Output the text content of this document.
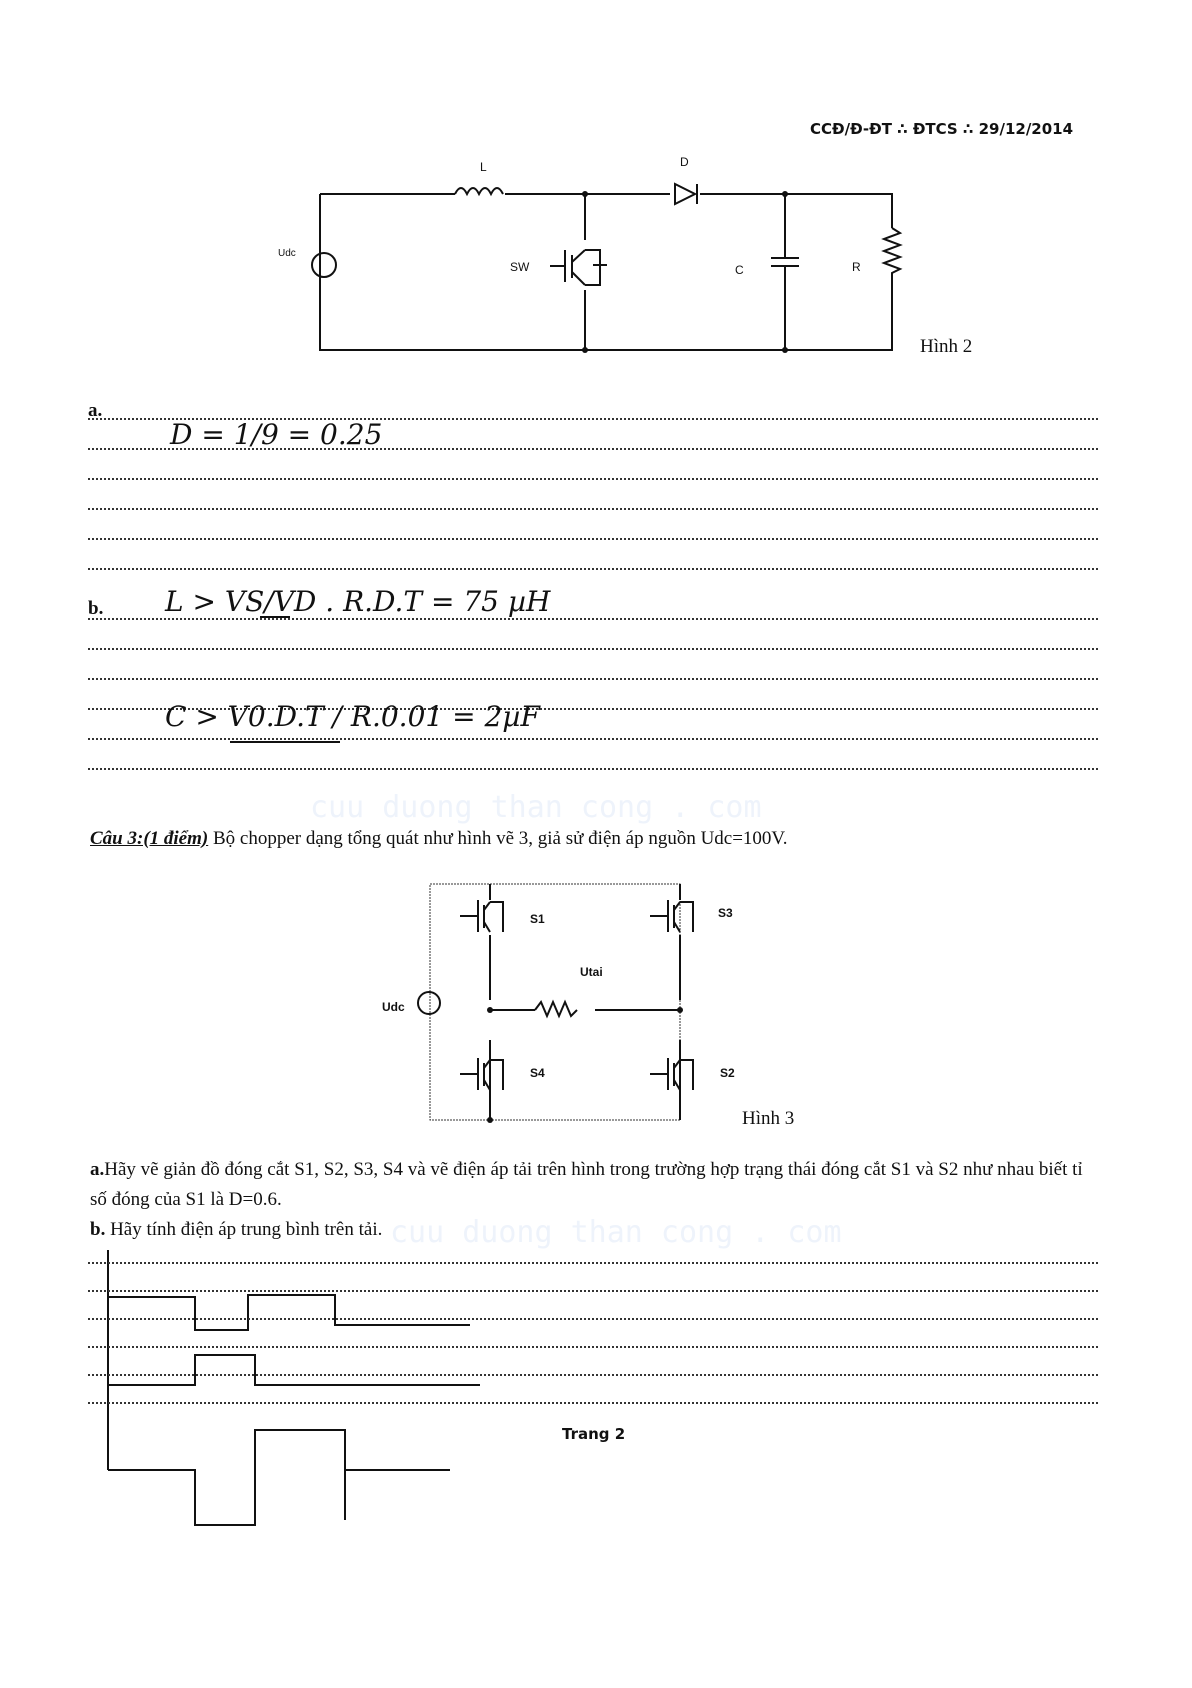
CCĐ/Đ-ĐT ∴ ĐTCS ∴ 29/12/2014
L	D
Udc
SW	C	R
Hình 2
a.
D = 1/9 = 0.25
b. L > VS/VD . R.D.T = 75 µH
C > V0.D.T / R.0.01 = 2µF
cuu duong than cong . com
cuu duong than cong . com
Câu 3:(1 điểm) Bộ chopper dạng tổng quát như hình vẽ 3, giả sử điện áp nguồn Udc=100V.
S1	S3
Utai
Udc
S4	S2
Hình 3
a.Hãy vẽ giản đồ đóng cắt S1, S2, S3, S4 và vẽ điện áp tải trên hình trong trường hợp trạng thái đóng cắt S1 và S2 như nhau biết tỉ số đóng của S1 là D=0.6.
b. Hãy tính điện áp trung bình trên tải.
Trang 2
